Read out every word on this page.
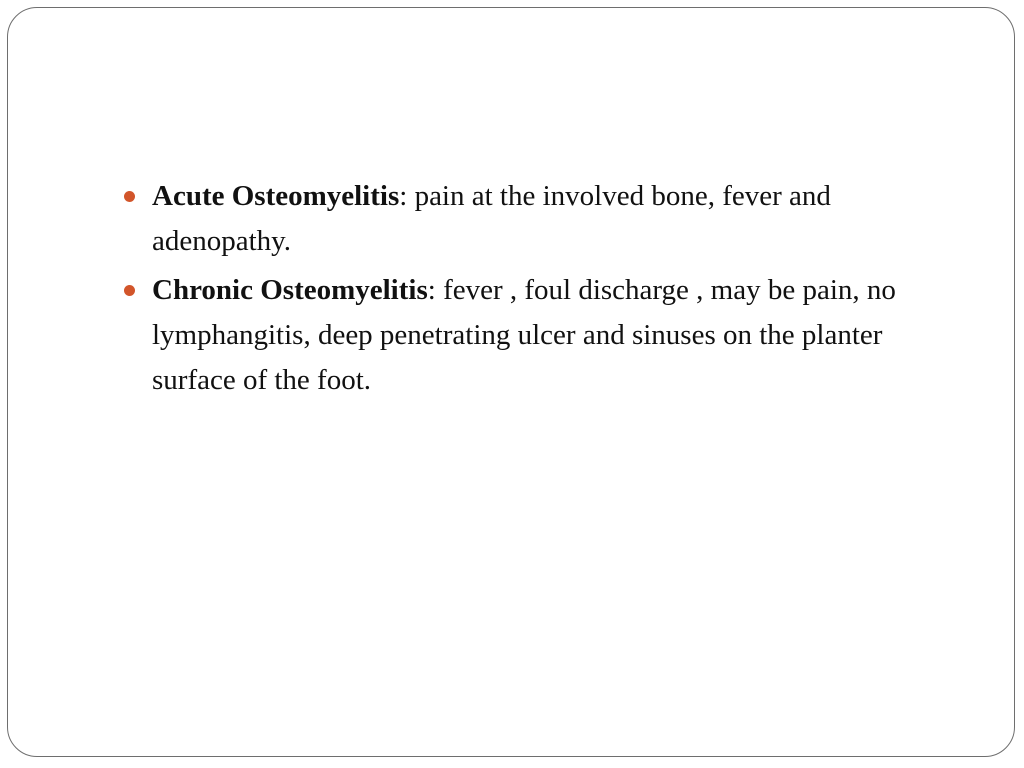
Acute Osteomyelitis: pain at the involved bone, fever and adenopathy.
Chronic Osteomyelitis: fever , foul discharge , may be pain, no lymphangitis, deep penetrating ulcer and sinuses on the planter surface of the foot.
